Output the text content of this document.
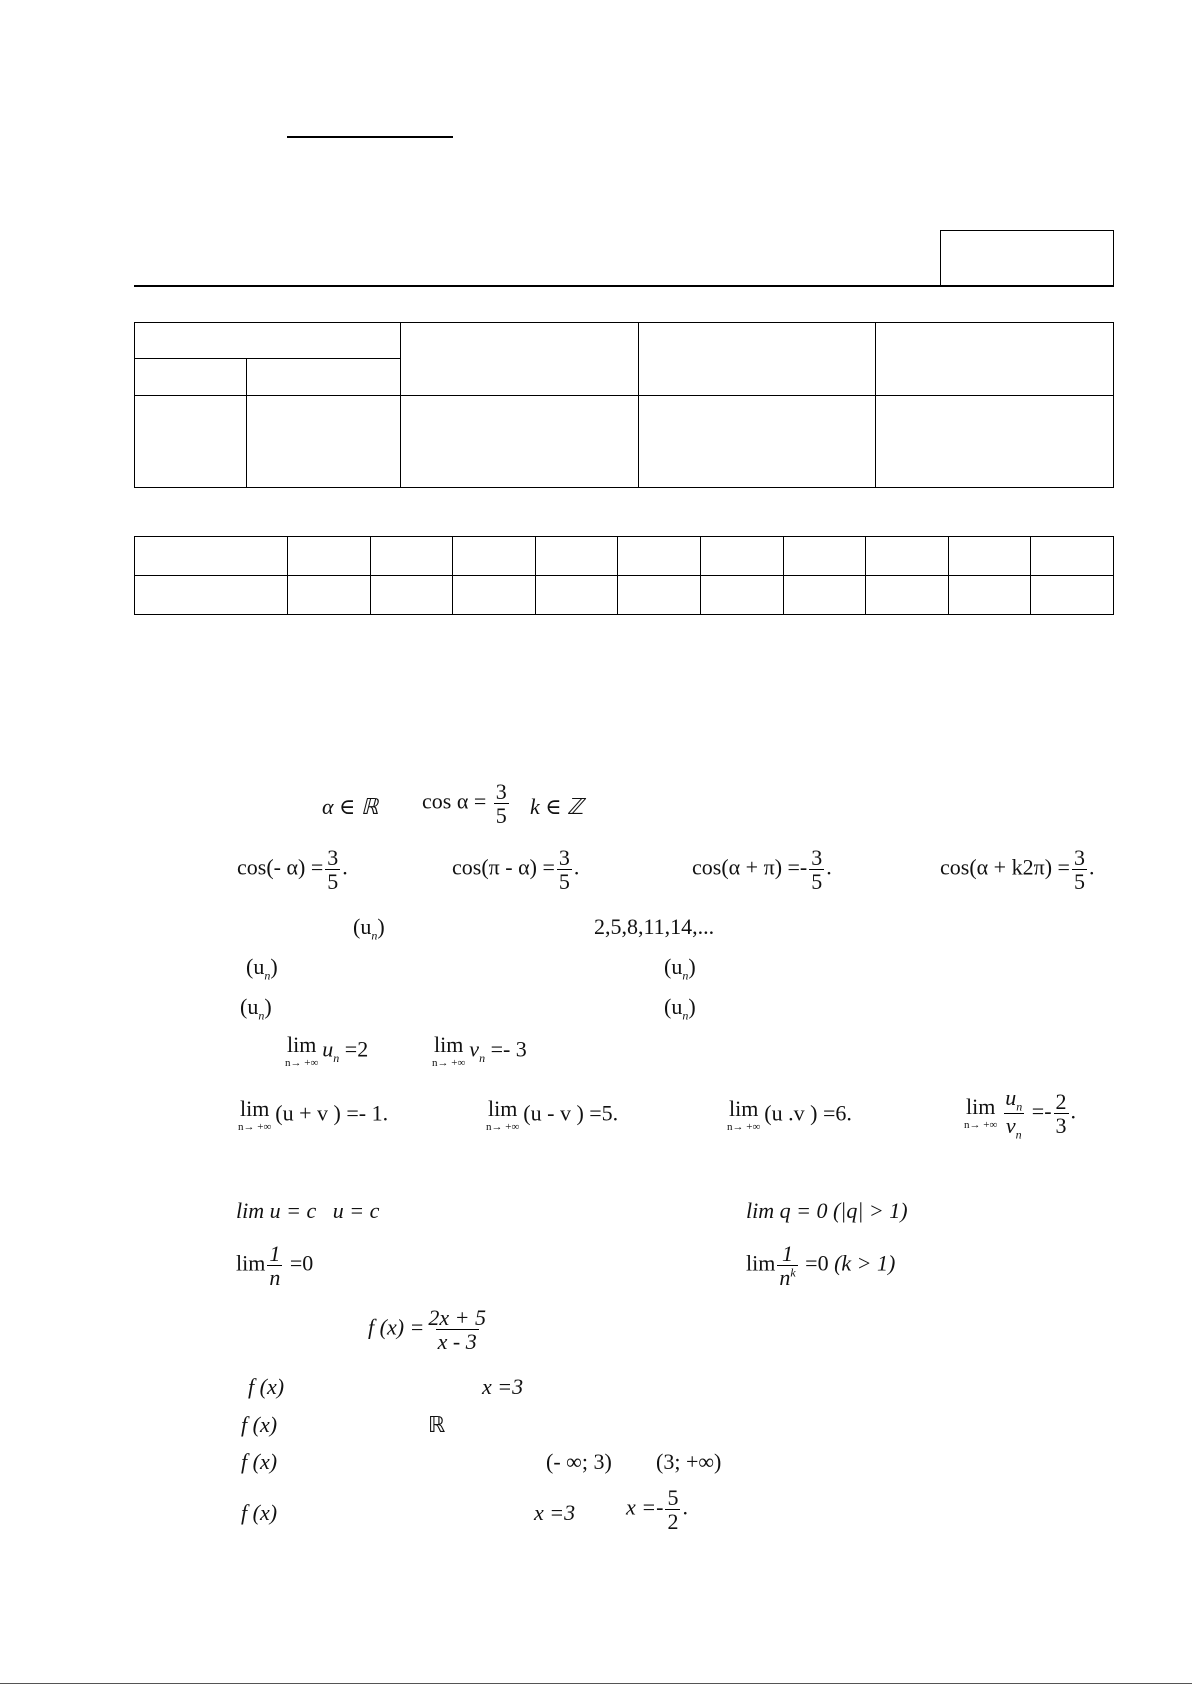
α ∈ ℝ $\cos \alpha = \frac{3}{5}$ k ∈ ℤ
cos(- $\alpha) = \frac{3}{5}$ .	$\cos(\pi - \alpha) = \frac{3}{5}$ .	$\cos(\alpha + \pi) =- \frac{3}{5}$ .	$\cos(\alpha + k2\pi) = \frac{3}{5}$ .
$(u_n)$	2,5,8,11,14,...
$(u_n)$	$(u_n)$
$(u_n)$	$(u_n)$
lim
n→ +∞
$u_n =2$	lim
n→ +∞
$v_n =- 3$
lim
n→ +∞
(u + v ) =- 1.	lim
n→ +∞
(u - v ) =5.	lim
n→ +∞
(u .v ) =6.	lim
n→ +∞ $\frac{u_n}{v_n} =- \frac{2}{3}$ .
lim u = c u = c	lim q = 0 (|q| > 1)
$\lim \frac{1}{n} =0$	$\lim \frac{1}{n^k} =0$ (k > 1)
f $(x) = \frac{2x + 5}{x - 3}$
f (x)	x =3
f (x)	ℝ
f (x)	(- ∞; 3) (3; +∞)
f (x)	x =3 $x =- \frac{5}{2}$ .
